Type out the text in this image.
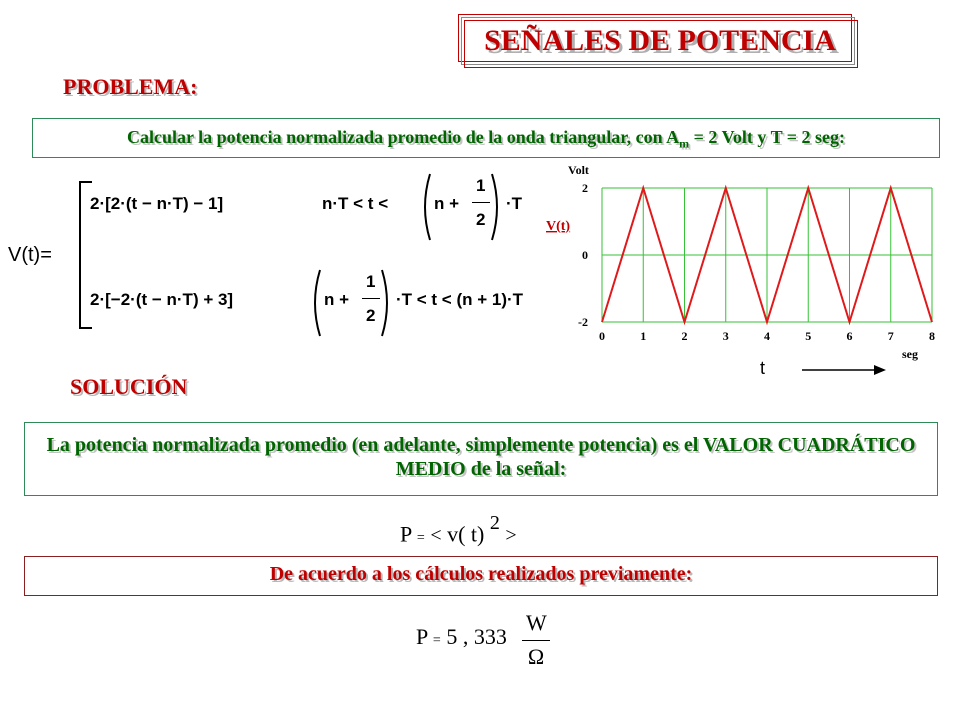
SEÑALES DE POTENCIA
PROBLEMA:
Calcular la potencia normalizada promedio de la onda triangular, con $A_m = 2$ Volt y T = 2 seg:
V(t)=
2·[2·(t − n·T) − 1]	n·T < t <	n +
1
2
·T
2·[−2·(t − n·T) + 3]	n +
1
2
·T < t < (n + 1)·T
0	1	2	3	4	5	6	7	8
2
0
-2
Volt
V(t)
seg
t
SOLUCIÓN
La potencia normalizada promedio (en adelante, simplemente potencia) es el VALOR CUADRÁTICO MEDIO de la señal:
P = < v( t) $^2$ >
De acuerdo a los cálculos realizados previamente:
P = 5 , 333
W
Ω
